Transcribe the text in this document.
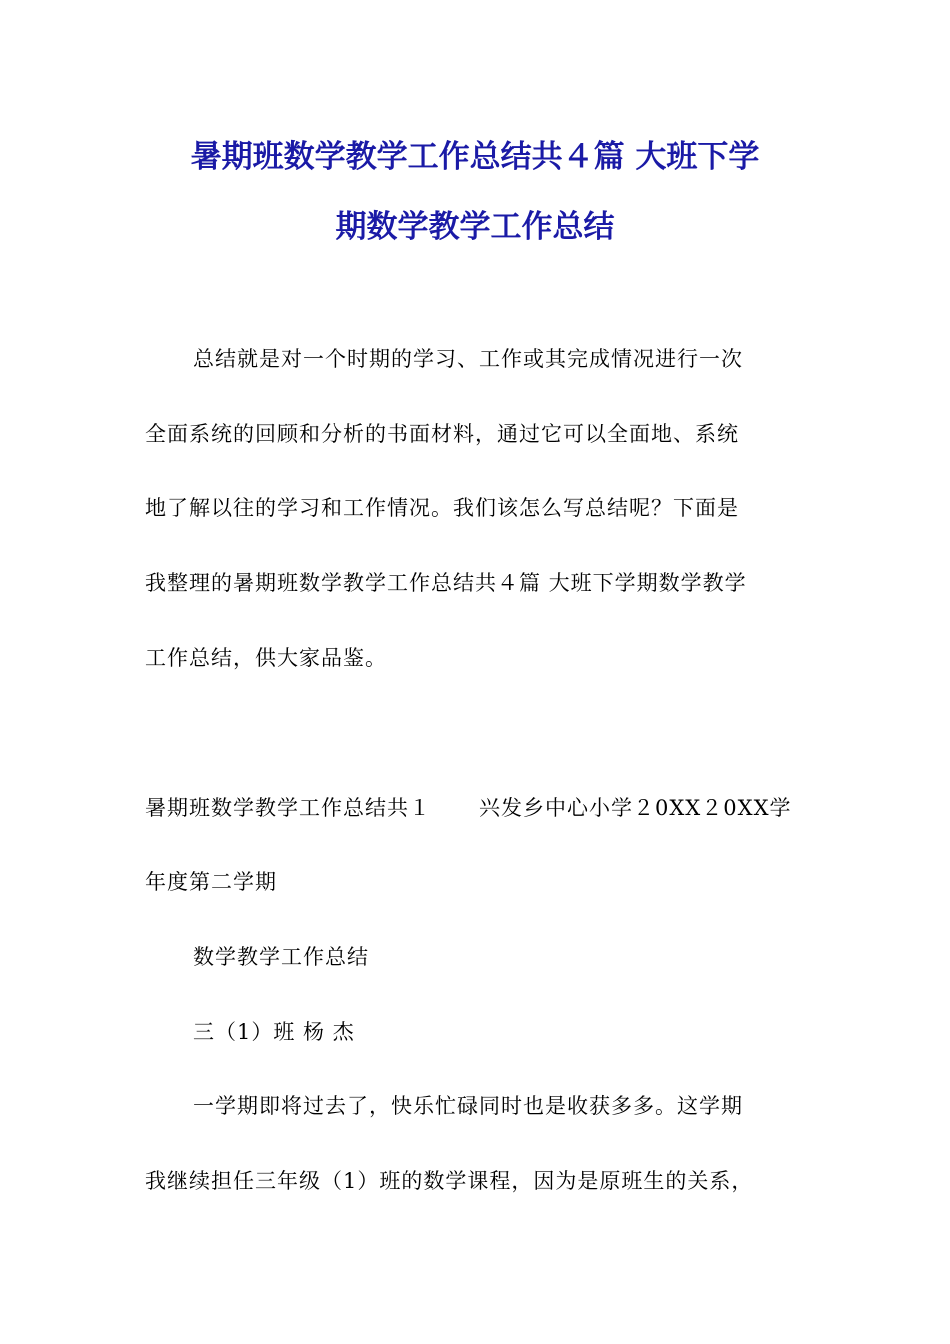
暑期班数学教学工作总结共４篇 大班下学
期数学教学工作总结
总结就是对一个时期的学习、工作或其完成情况进行一次
全面系统的回顾和分析的书面材料，通过它可以全面地、系统
地了解以往的学习和工作情况。我们该怎么写总结呢？下面是
我整理的暑期班数学教学工作总结共４篇 大班下学期数学教学
工作总结，供大家品鉴。
暑期班数学教学工作总结共１ 兴发乡中心小学２0XX２0XX学
年度第二学期
数学教学工作总结
三（1）班 杨 杰
一学期即将过去了，快乐忙碌同时也是收获多多。这学期
我继续担任三年级（1）班的数学课程，因为是原班生的关系，
